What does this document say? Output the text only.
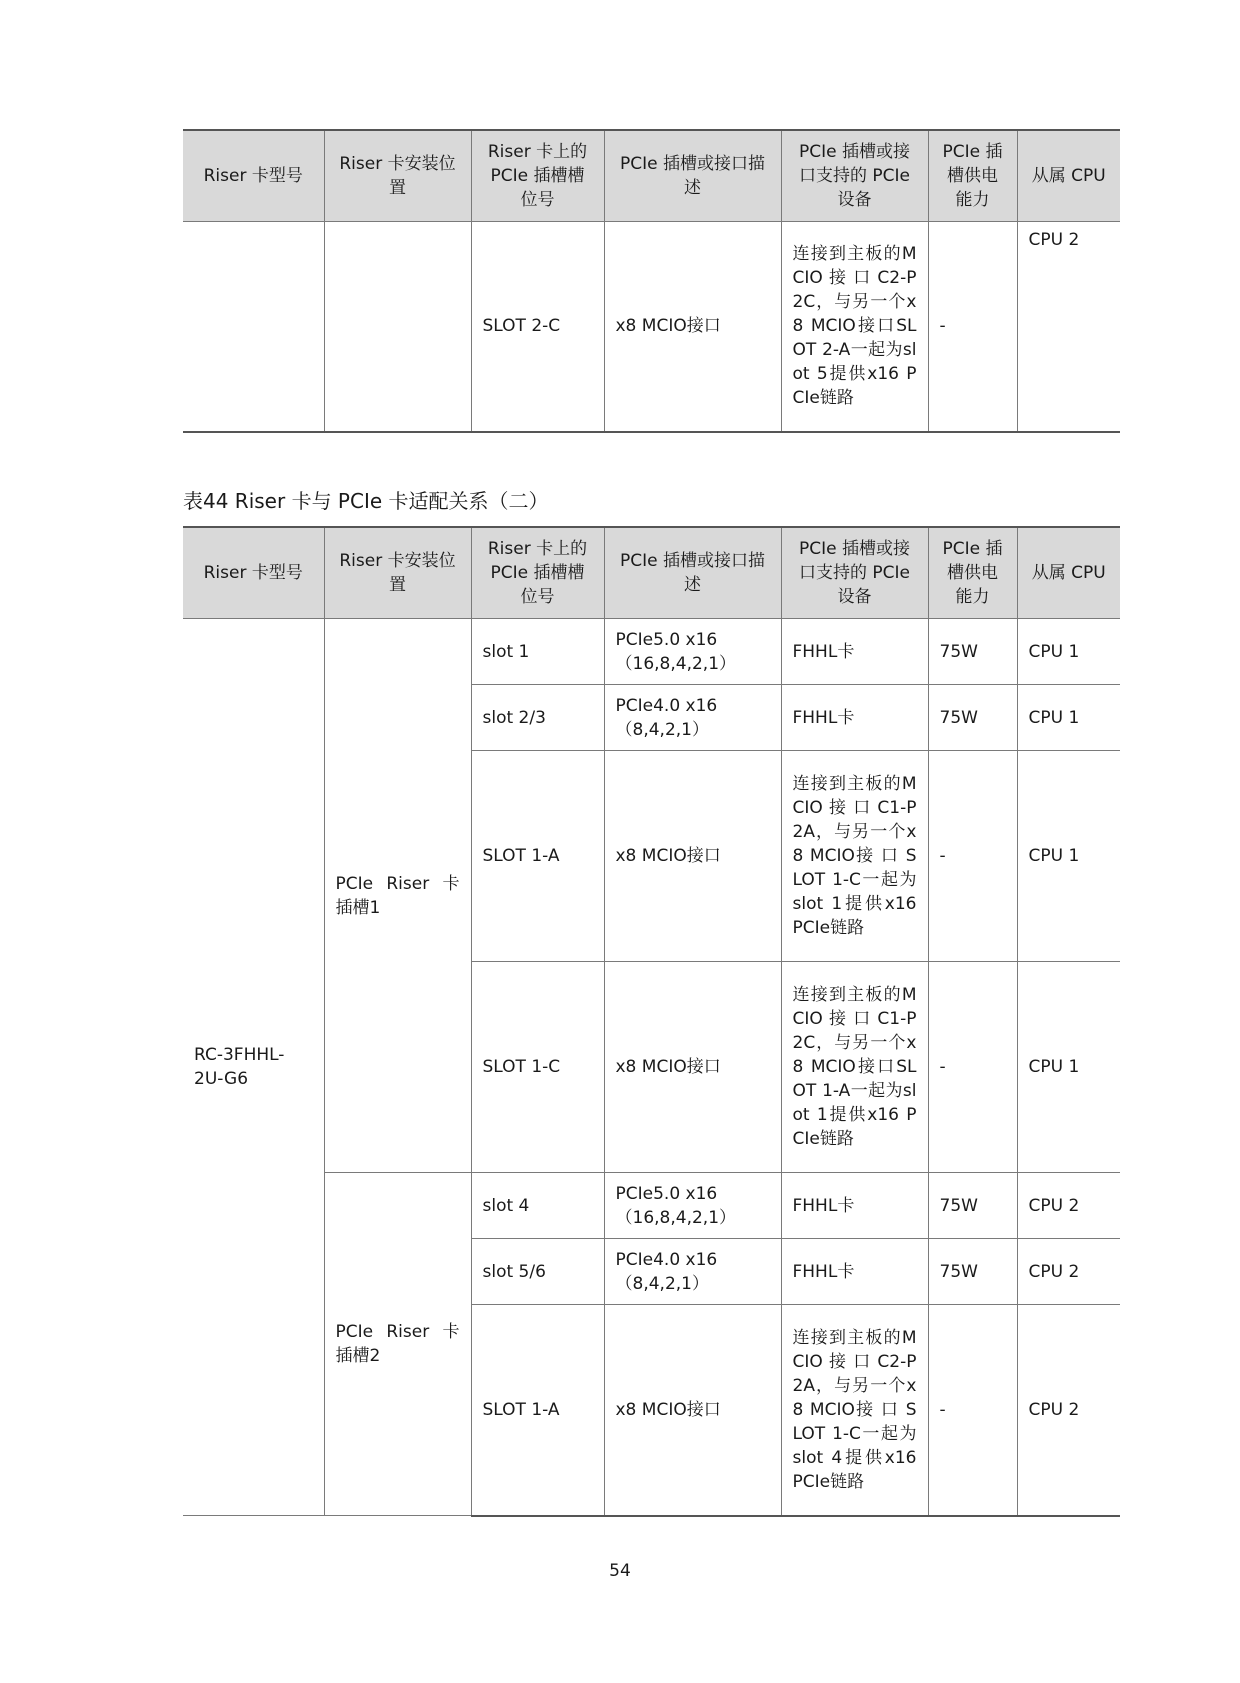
Riser 卡型号	Riser 卡安装位置	Riser 卡上的PCIe 插槽槽位号	PCIe 插槽或接口描述	PCIe 插槽或接口支持的 PCIe 设备	PCIe 插槽供电能力	从属 CPU
		SLOT 2-C	x8 MCIO接口	连接到主板的MCIO 接 口 C2-P2C，与另一个x8 MCIO接口SLOT 2-A一起为slot 5提供x16 PCIe链路	-	CPU 2
表44 Riser 卡与 PCIe 卡适配关系（二）
Riser 卡型号	Riser 卡安装位置	Riser 卡上的PCIe 插槽槽位号	PCIe 插槽或接口描述	PCIe 插槽或接口支持的 PCIe 设备	PCIe 插槽供电能力	从属 CPU
RC-3FHHL-2U-G6	PCIe Riser 卡插槽1	slot 1	PCIe5.0 x16（16,8,4,2,1）	FHHL卡	75W	CPU 1
		slot 2/3	PCIe4.0 x16（8,4,2,1）	FHHL卡	75W	CPU 1
		SLOT 1-A	x8 MCIO接口	连接到主板的MCIO 接 口 C1-P2A，与另一个x8 MCIO接 口 SLOT 1-C一起为slot 1提供x16 PCIe链路	-	CPU 1
		SLOT 1-C	x8 MCIO接口	连接到主板的MCIO 接 口 C1-P2C，与另一个x8 MCIO接口SLOT 1-A一起为slot 1提供x16 PCIe链路	-	CPU 1
	PCIe Riser 卡插槽2	slot 4	PCIe5.0 x16（16,8,4,2,1）	FHHL卡	75W	CPU 2
		slot 5/6	PCIe4.0 x16（8,4,2,1）	FHHL卡	75W	CPU 2
		SLOT 1-A	x8 MCIO接口	连接到主板的MCIO 接 口 C2-P2A，与另一个x8 MCIO接 口 SLOT 1-C一起为slot 4提供x16 PCIe链路	-	CPU 2
54
